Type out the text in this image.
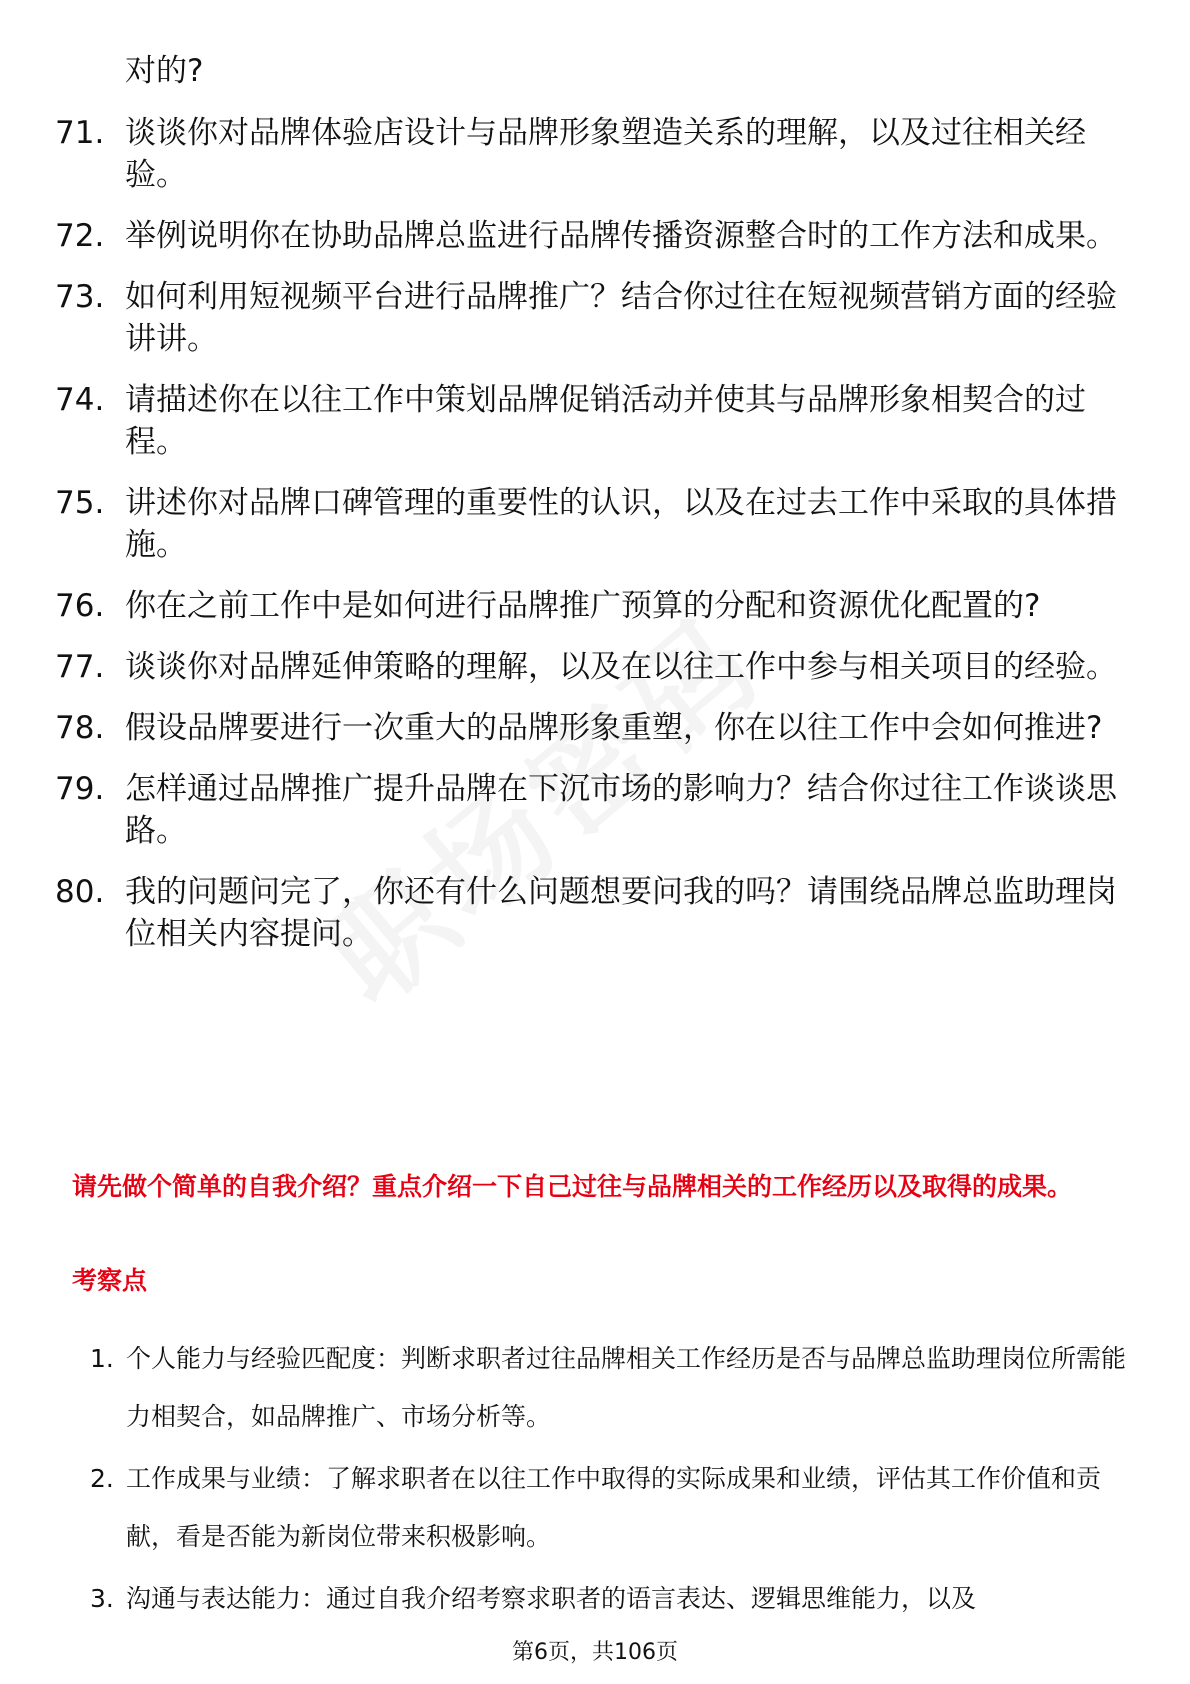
对的?
71. 谈谈你对品牌体验店设计与品牌形象塑造关系的理解，以及过往相关经验。
72. 举例说明你在协助品牌总监进行品牌传播资源整合时的工作方法和成果。
73. 如何利用短视频平台进行品牌推广？结合你过往在短视频营销方面的经验讲讲。
74. 请描述你在以往工作中策划品牌促销活动并使其与品牌形象相契合的过程。
75. 讲述你对品牌口碑管理的重要性的认识，以及在过去工作中采取的具体措施。
76. 你在之前工作中是如何进行品牌推广预算的分配和资源优化配置的?
77. 谈谈你对品牌延伸策略的理解，以及在以往工作中参与相关项目的经验。
78. 假设品牌要进行一次重大的品牌形象重塑，你在以往工作中会如何推进?
79. 怎样通过品牌推广提升品牌在下沉市场的影响力？结合你过往工作谈谈思路。
80. 我的问题问完了，你还有什么问题想要问我的吗？请围绕品牌总监助理岗位相关内容提问。
请先做个简单的自我介绍？重点介绍一下自己过往与品牌相关的工作经历以及取得的成果。
考察点
1. 个人能力与经验匹配度：判断求职者过往品牌相关工作经历是否与品牌总监助理岗位所需能力相契合，如品牌推广、市场分析等。
2. 工作成果与业绩：了解求职者在以往工作中取得的实际成果和业绩，评估其工作价值和贡献，看是否能为新岗位带来积极影响。
3. 沟通与表达能力：通过自我介绍考察求职者的语言表达、逻辑思维能力，以及
第6页，共106页
